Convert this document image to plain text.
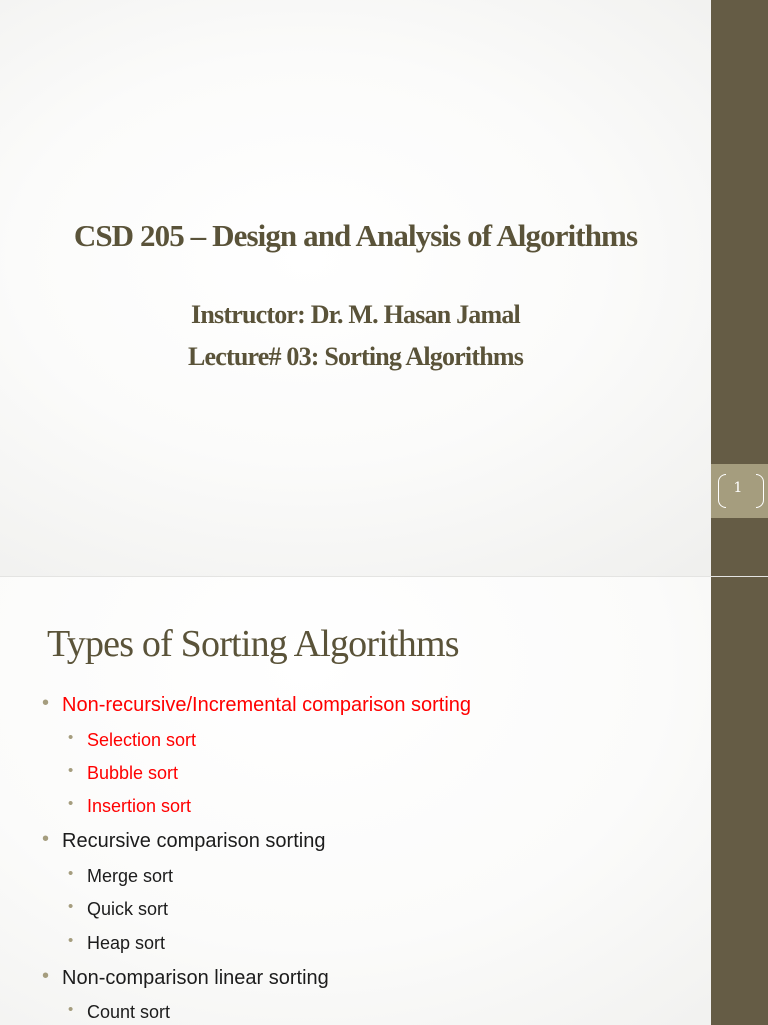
CSD 205 – Design and Analysis of Algorithms
Instructor: Dr. M. Hasan Jamal
Lecture# 03: Sorting Algorithms
1
Types of Sorting Algorithms
• Non-recursive/Incremental comparison sorting
• Selection sort
• Bubble sort
• Insertion sort
• Recursive comparison sorting
• Merge sort
• Quick sort
• Heap sort
• Non-comparison linear sorting
• Count sort
